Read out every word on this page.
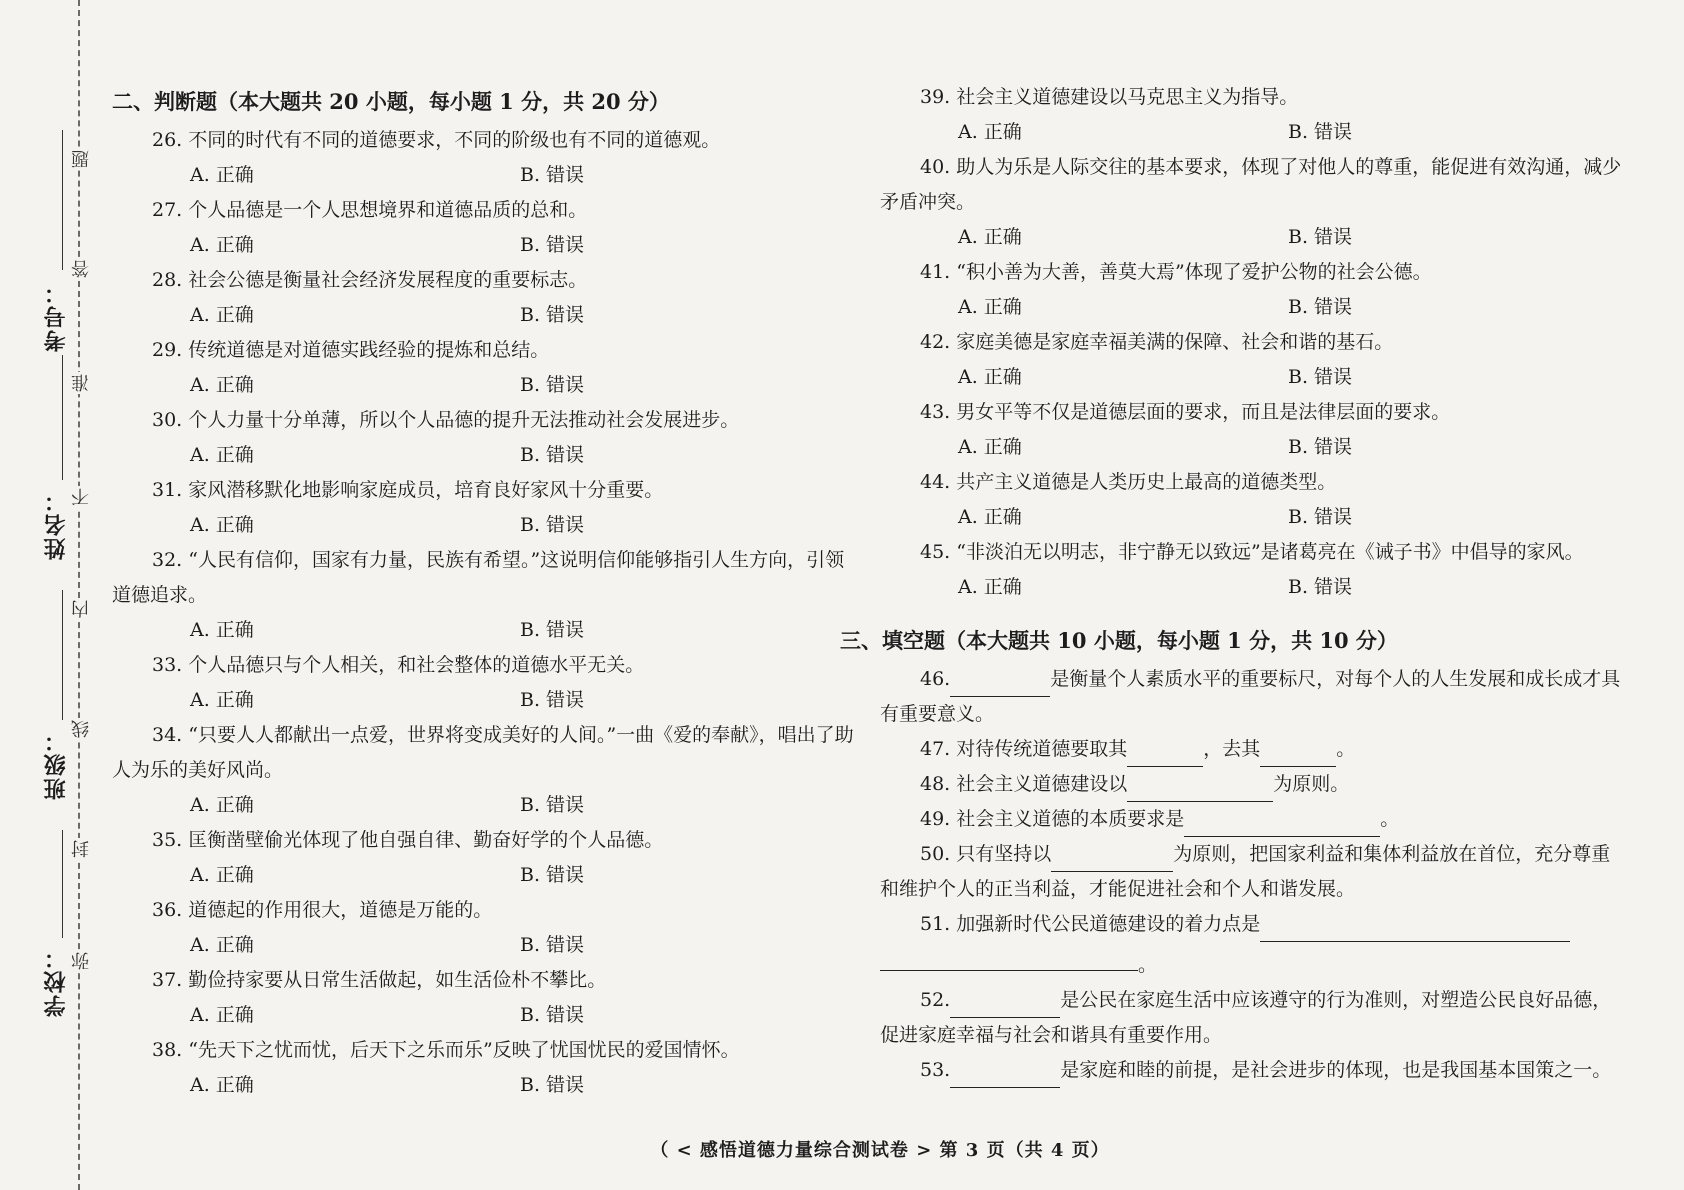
考号：
姓名：
班级：
学校：
题
答
准
不
内
线
封
弥
二、判断题（本大题共 20 小题，每小题 1 分，共 20 分）
26. 不同的时代有不同的道德要求，不同的阶级也有不同的道德观。
A. 正确	B. 错误
27. 个人品德是一个人思想境界和道德品质的总和。
A. 正确	B. 错误
28. 社会公德是衡量社会经济发展程度的重要标志。
A. 正确	B. 错误
29. 传统道德是对道德实践经验的提炼和总结。
A. 正确	B. 错误
30. 个人力量十分单薄，所以个人品德的提升无法推动社会发展进步。
A. 正确	B. 错误
31. 家风潜移默化地影响家庭成员，培育良好家风十分重要。
A. 正确	B. 错误
32. “人民有信仰，国家有力量，民族有希望。”这说明信仰能够指引人生方向，引领道德追求。
A. 正确	B. 错误
33. 个人品德只与个人相关，和社会整体的道德水平无关。
A. 正确	B. 错误
34. “只要人人都献出一点爱，世界将变成美好的人间。”一曲《爱的奉献》，唱出了助人为乐的美好风尚。
A. 正确	B. 错误
35. 匡衡凿壁偷光体现了他自强自律、勤奋好学的个人品德。
A. 正确	B. 错误
36. 道德起的作用很大，道德是万能的。
A. 正确	B. 错误
37. 勤俭持家要从日常生活做起，如生活俭朴不攀比。
A. 正确	B. 错误
38. “先天下之忧而忧，后天下之乐而乐”反映了忧国忧民的爱国情怀。
A. 正确	B. 错误
39. 社会主义道德建设以马克思主义为指导。
A. 正确	B. 错误
40. 助人为乐是人际交往的基本要求，体现了对他人的尊重，能促进有效沟通，减少矛盾冲突。
A. 正确	B. 错误
41. “积小善为大善，善莫大焉”体现了爱护公物的社会公德。
A. 正确	B. 错误
42. 家庭美德是家庭幸福美满的保障、社会和谐的基石。
A. 正确	B. 错误
43. 男女平等不仅是道德层面的要求，而且是法律层面的要求。
A. 正确	B. 错误
44. 共产主义道德是人类历史上最高的道德类型。
A. 正确	B. 错误
45. “非淡泊无以明志，非宁静无以致远”是诸葛亮在《诫子书》中倡导的家风。
A. 正确	B. 错误
三、填空题（本大题共 10 小题，每小题 1 分，共 10 分）
46.	是衡量个人素质水平的重要标尺，对每个人的人生发展和成长成才具有重要意义。
47. 对待传统道德要取其	，去其	。
48. 社会主义道德建设以	为原则。
49. 社会主义道德的本质要求是	。
50. 只有坚持以	为原则，把国家利益和集体利益放在首位，充分尊重和维护个人的正当利益，才能促进社会和个人和谐发展。
51. 加强新时代公民道德建设的着力点是
。
52.	是公民在家庭生活中应该遵守的行为准则，对塑造公民良好品德，促进家庭幸福与社会和谐具有重要作用。
53.	是家庭和睦的前提，是社会进步的体现，也是我国基本国策之一。
（ < 感悟道德力量综合测试卷 > 第 3 页（共 4 页）
